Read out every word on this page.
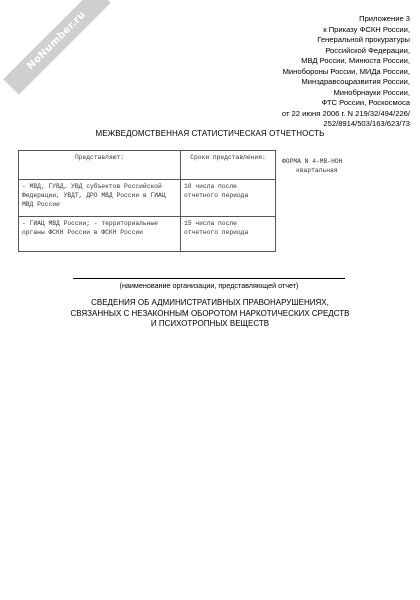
NoNumber.ru	Приложение 3
к Приказу ФСКН России,
Генеральной прокуратуры
Российской Федерации,
МВД России, Минюста России,
Минобороны России, МИДа России,
Минздравсоцразвития России,
Минобрнауки России,
ФТС России, Роскосмоса
от 22 июня 2006 г. N 219/32/494/226/
252/8914/503/163/623/73
МЕЖВЕДОМСТВЕННАЯ СТАТИСТИЧЕСКАЯ ОТЧЕТНОСТЬ
Представляют:	Сроки представления:	ФОРМА N 4-МВ-НОН
квартальная

- МВД, ГУВД, УВД субъектов Российской Федерации, УВДТ, ДРО МВД России в ГИАЦ МВД России	10 числа после отчетного периода	
- ГИАЦ МВД России; - территориальные органы ФСКН России в ФСКН России	15 числа после отчетного периода	
(наименование организации, представляющей отчет)
СВЕДЕНИЯ ОБ АДМИНИСТРАТИВНЫХ ПРАВОНАРУШЕНИЯХ,
СВЯЗАННЫХ С НЕЗАКОННЫМ ОБОРОТОМ НАРКОТИЧЕСКИХ СРЕДСТВ
И ПСИХОТРОПНЫХ ВЕЩЕСТВ
